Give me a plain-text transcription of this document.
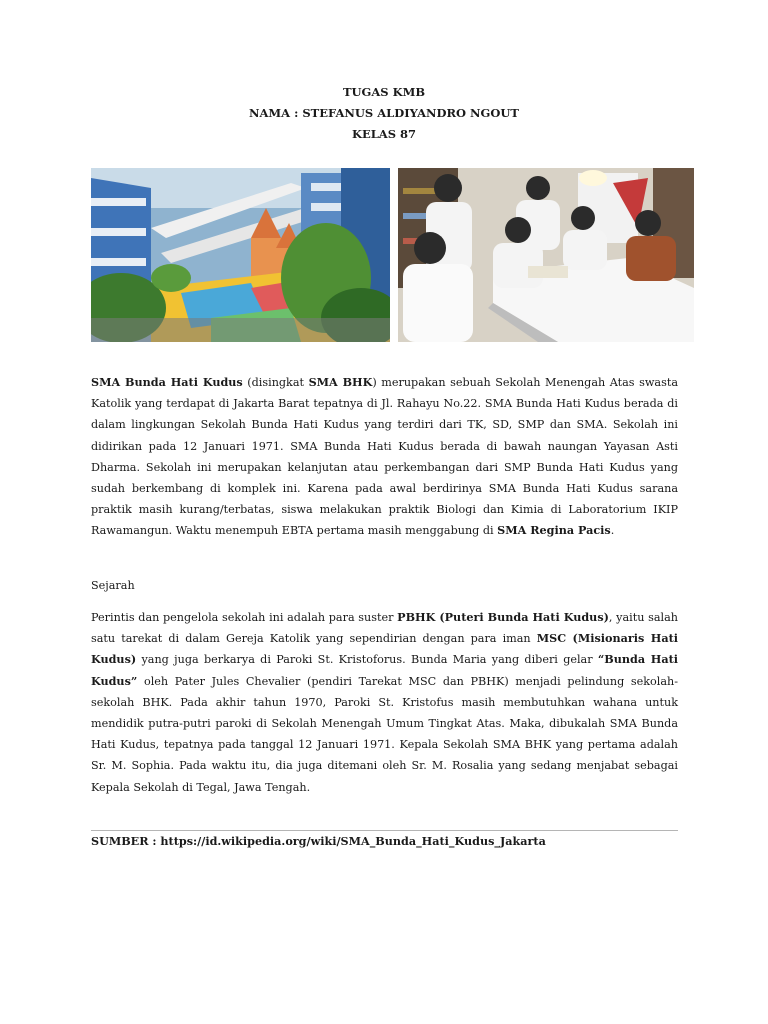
TUGAS KMB
NAMA : STEFANUS ALDIYANDRO NGOUT
KELAS 87
SMA Bunda Hati Kudus (disingkat SMA BHK) merupakan sebuah Sekolah Menengah Atas swasta Katolik yang terdapat di Jakarta Barat tepatnya di Jl. Rahayu No.22. SMA Bunda Hati Kudus berada di dalam lingkungan Sekolah Bunda Hati Kudus yang terdiri dari TK, SD, SMP dan SMA. Sekolah ini didirikan pada 12 Januari 1971. SMA Bunda Hati Kudus berada di bawah naungan Yayasan Asti Dharma. Sekolah ini merupakan kelanjutan atau perkembangan dari SMP Bunda Hati Kudus yang sudah berkembang di komplek ini. Karena pada awal berdirinya SMA Bunda Hati Kudus sarana praktik masih kurang/terbatas, siswa melakukan praktik Biologi dan Kimia di Laboratorium IKIP Rawamangun. Waktu menempuh EBTA pertama masih menggabung di SMA Regina Pacis.
Sejarah
Perintis dan pengelola sekolah ini adalah para suster PBHK (Puteri Bunda Hati Kudus), yaitu salah satu tarekat di dalam Gereja Katolik yang sependirian dengan para iman MSC (Misionaris Hati Kudus) yang juga berkarya di Paroki St. Kristoforus. Bunda Maria yang diberi gelar “Bunda Hati Kudus” oleh Pater Jules Chevalier (pendiri Tarekat MSC dan PBHK) menjadi pelindung sekolah-sekolah BHK. Pada akhir tahun 1970, Paroki St. Kristofus masih membutuhkan wahana untuk mendidik putra-putri paroki di Sekolah Menengah Umum Tingkat Atas. Maka, dibukalah SMA Bunda Hati Kudus, tepatnya pada tanggal 12 Januari 1971. Kepala Sekolah SMA BHK yang pertama adalah Sr. M. Sophia. Pada waktu itu, dia juga ditemani oleh Sr. M. Rosalia yang sedang menjabat sebagai Kepala Sekolah di Tegal, Jawa Tengah.
SUMBER : https://id.wikipedia.org/wiki/SMA_Bunda_Hati_Kudus_Jakarta
